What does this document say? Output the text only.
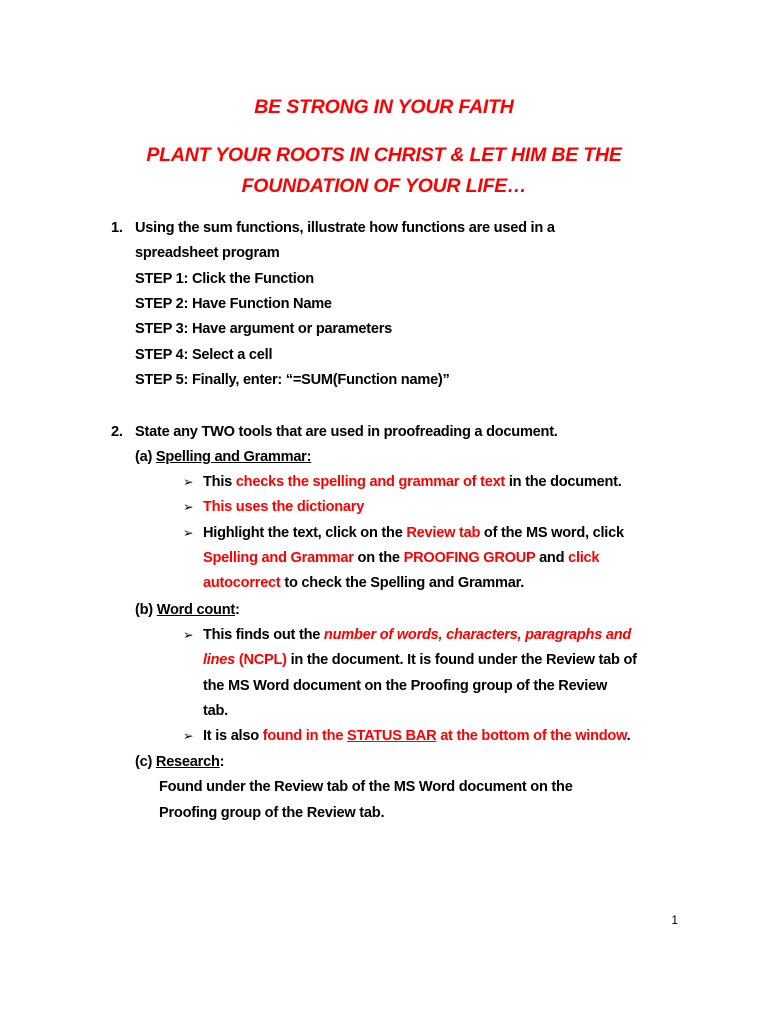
BE STRONG IN YOUR FAITH
PLANT YOUR ROOTS IN CHRIST & LET HIM BE THE
FOUNDATION OF YOUR LIFE…
1. Using the sum functions, illustrate how functions are used in a
spreadsheet program
STEP 1: Click the Function
STEP 2: Have Function Name
STEP 3: Have argument or parameters
STEP 4: Select a cell
STEP 5: Finally, enter: “=SUM(Function name)”
2. State any TWO tools that are used in proofreading a document.
(a) Spelling and Grammar:
➢ This checks the spelling and grammar of text in the document.
➢ This uses the dictionary
➢ Highlight the text, click on the Review tab of the MS word, click
Spelling and Grammar on the PROOFING GROUP and click
autocorrect to check the Spelling and Grammar.
(b) Word count:
➢ This finds out the number of words, characters, paragraphs and
lines (NCPL) in the document. It is found under the Review tab of
the MS Word document on the Proofing group of the Review
tab.
➢ It is also found in the STATUS BAR at the bottom of the window.
(c) Research:
Found under the Review tab of the MS Word document on the
Proofing group of the Review tab.
1
